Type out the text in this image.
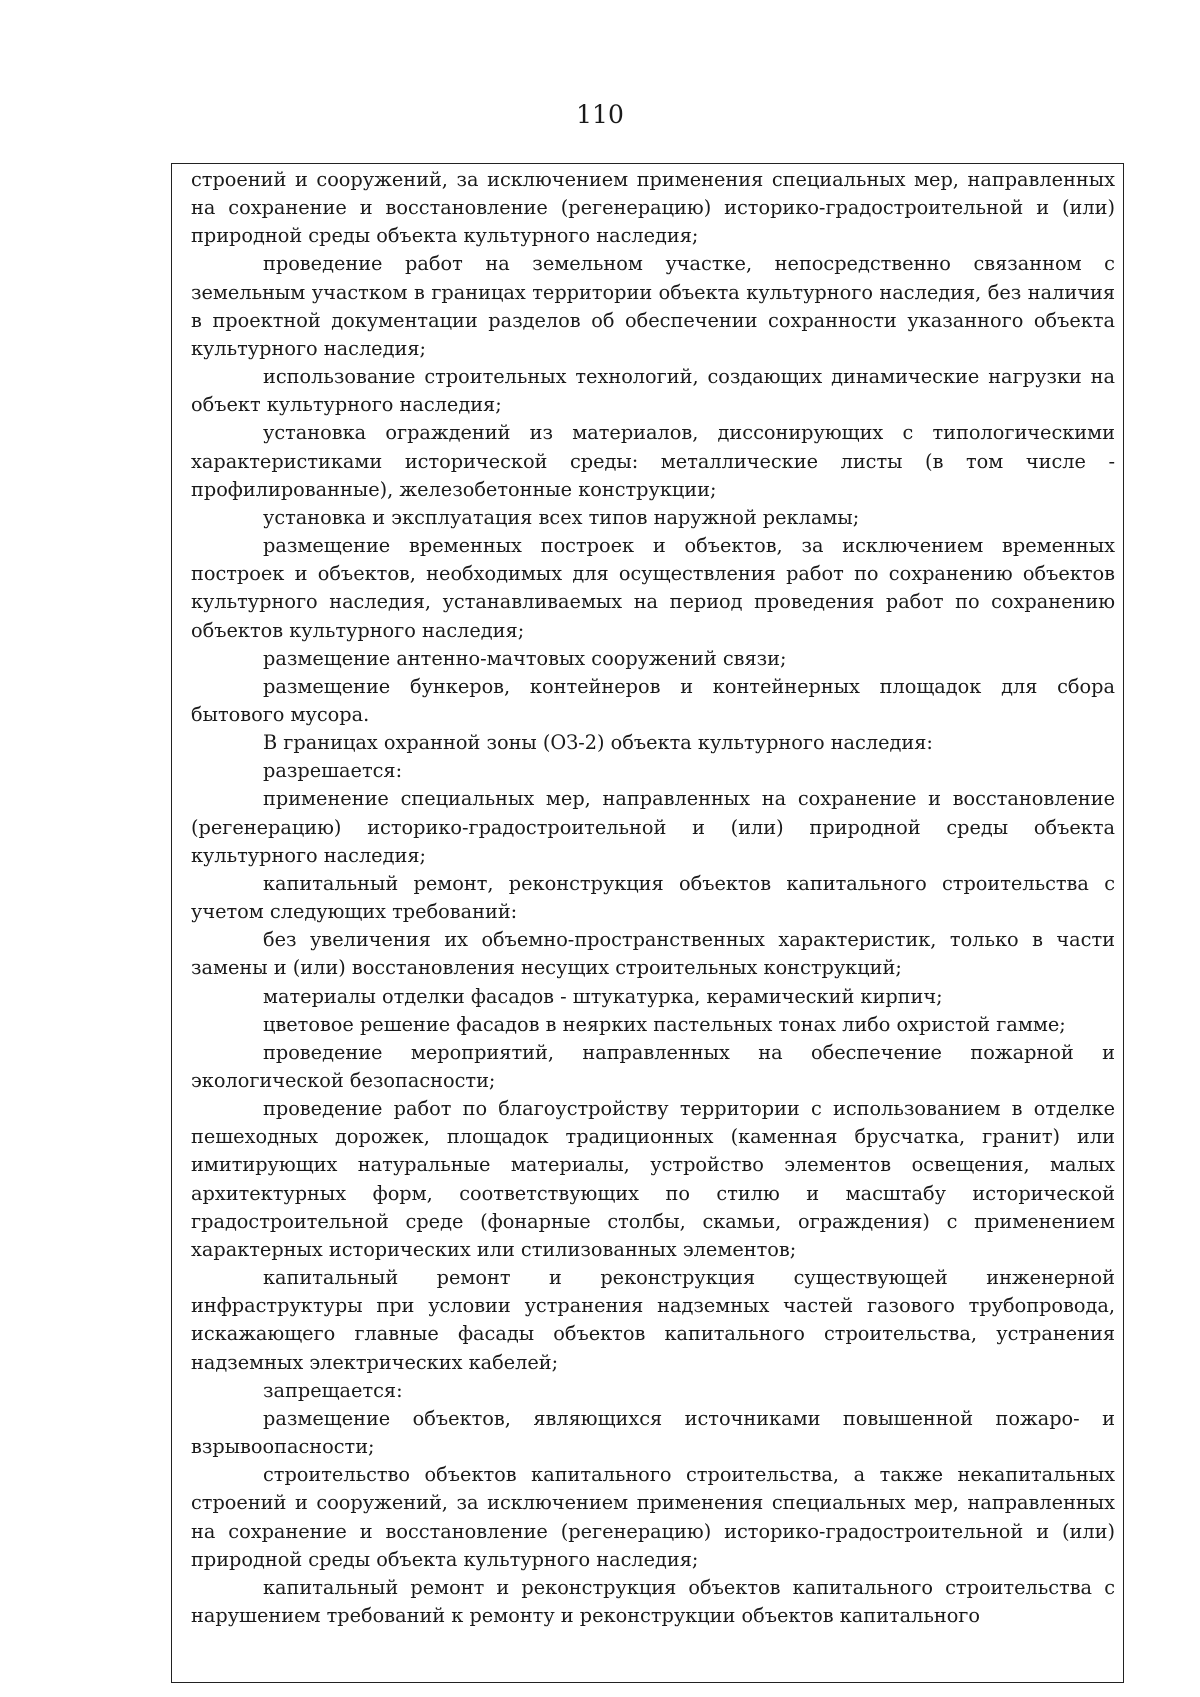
110

строений и сооружений, за исключением применения специальных мер, направленных на сохранение и восстановление (регенерацию) историко-градостроительной и (или) природной среды объекта культурного наследия;

проведение работ на земельном участке, непосредственно связанном с земельным участком в границах территории объекта культурного наследия, без наличия в проектной документации разделов об обеспечении сохранности указанного объекта культурного наследия;

использование строительных технологий, создающих динамические нагрузки на объект культурного наследия;

установка ограждений из материалов, диссонирующих с типологическими характеристиками исторической среды: металлические листы (в том числе - профилированные), железобетонные конструкции;

установка и эксплуатация всех типов наружной рекламы;

размещение временных построек и объектов, за исключением временных построек и объектов, необходимых для осуществления работ по сохранению объектов культурного наследия, устанавливаемых на период проведения работ по сохранению объектов культурного наследия;

размещение антенно-мачтовых сооружений связи;

размещение бункеров, контейнеров и контейнерных площадок для сбора бытового мусора.

В границах охранной зоны (ОЗ-2) объекта культурного наследия:

разрешается:

применение специальных мер, направленных на сохранение и восстановление (регенерацию) историко-градостроительной и (или) природной среды объекта культурного наследия;

капитальный ремонт, реконструкция объектов капитального строительства с учетом следующих требований:

без увеличения их объемно-пространственных характеристик, только в части замены и (или) восстановления несущих строительных конструкций;

материалы отделки фасадов - штукатурка, керамический кирпич;

цветовое решение фасадов в неярких пастельных тонах либо охристой гамме;

проведение мероприятий, направленных на обеспечение пожарной и экологической безопасности;

проведение работ по благоустройству территории с использованием в отделке пешеходных дорожек, площадок традиционных (каменная брусчатка, гранит) или имитирующих натуральные материалы, устройство элементов освещения, малых архитектурных форм, соответствующих по стилю и масштабу исторической градостроительной среде (фонарные столбы, скамьи, ограждения) с применением характерных исторических или стилизованных элементов;

капитальный ремонт и реконструкция существующей инженерной инфраструктуры при условии устранения надземных частей газового трубопровода, искажающего главные фасады объектов капитального строительства, устранения надземных электрических кабелей;

запрещается:

размещение объектов, являющихся источниками повышенной пожаро- и взрывоопасности;

строительство объектов капитального строительства, а также некапитальных строений и сооружений, за исключением применения специальных мер, направленных на сохранение и восстановление (регенерацию) историко-градостроительной и (или) природной среды объекта культурного наследия;

капитальный ремонт и реконструкция объектов капитального строительства с нарушением требований к ремонту и реконструкции объектов капитального
